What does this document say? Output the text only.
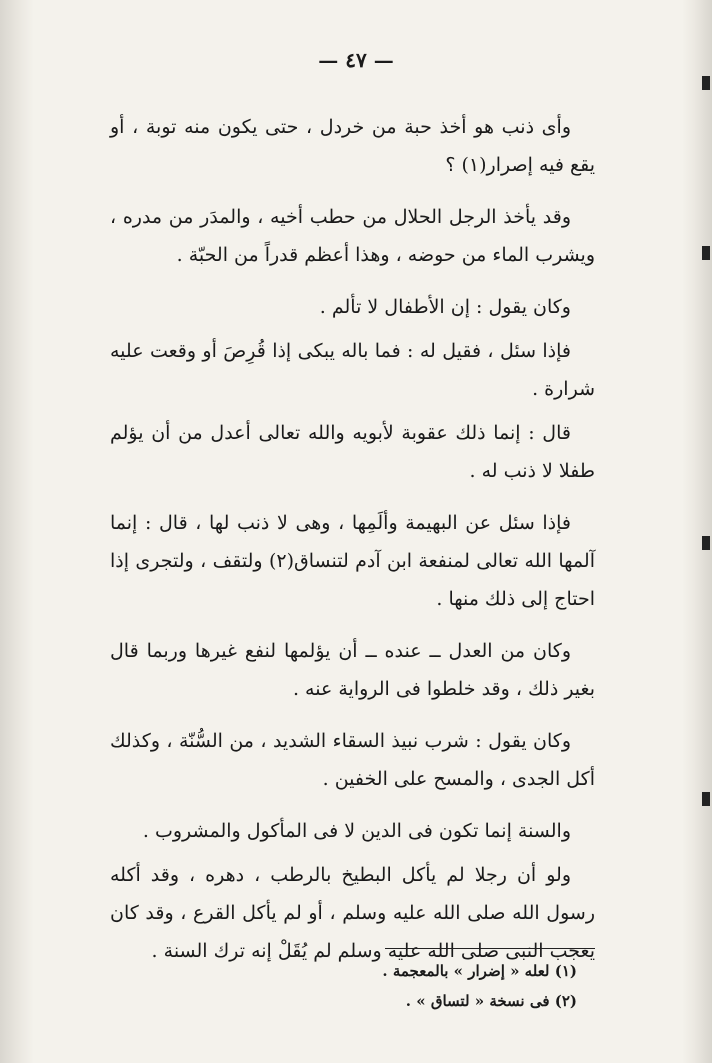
— ٤٧ —

وأى ذنب هو أخذ حبة من خردل ، حتى يكون منه توبة ، أو يقع فيه إصرار(١) ؟

وقد يأخذ الرجل الحلال من حطب أخيه ، والمدَر من مدره ، ويشرب الماء من حوضه ، وهذا أعظم قدراً من الحبّة .

وكان يقول : إن الأطفال لا تألم .

فإذا سئل ، فقيل له : فما باله يبكى إذا قُرِصَ أو وقعت عليه شرارة .

قال : إنما ذلك عقوبة لأبويه والله تعالى أعدل من أن يؤلم طفلا لا ذنب له .

فإذا سئل عن البهيمة وألَمِها ، وهى لا ذنب لها ، قال : إنما آلمها الله تعالى لمنفعة ابن آدم لتنساق(٢) ولتقف ، ولتجرى إذا احتاج إلى ذلك منها .

وكان من العدل ــ عنده ــ أن يؤلمها لنفع غيرها وربما قال بغير ذلك ، وقد خلطوا فى الرواية عنه .

وكان يقول : شرب نبيذ السقاء الشديد ، من السُّنّة ، وكذلك أكل الجدى ، والمسح على الخفين .

والسنة إنما تكون فى الدين لا فى المأكول والمشروب .

ولو أن رجلا لم يأكل البطيخ بالرطب ، دهره ، وقد أكله رسول الله صلى الله عليه وسلم ، أو لم يأكل القرع ، وقد كان يعجب النبى صلى الله عليه وسلم لم يُقَلْ إنه ترك السنة .

(١) لعله « إضرار » بالمعجمة .

(٢) فى نسخة « لتساق » .
